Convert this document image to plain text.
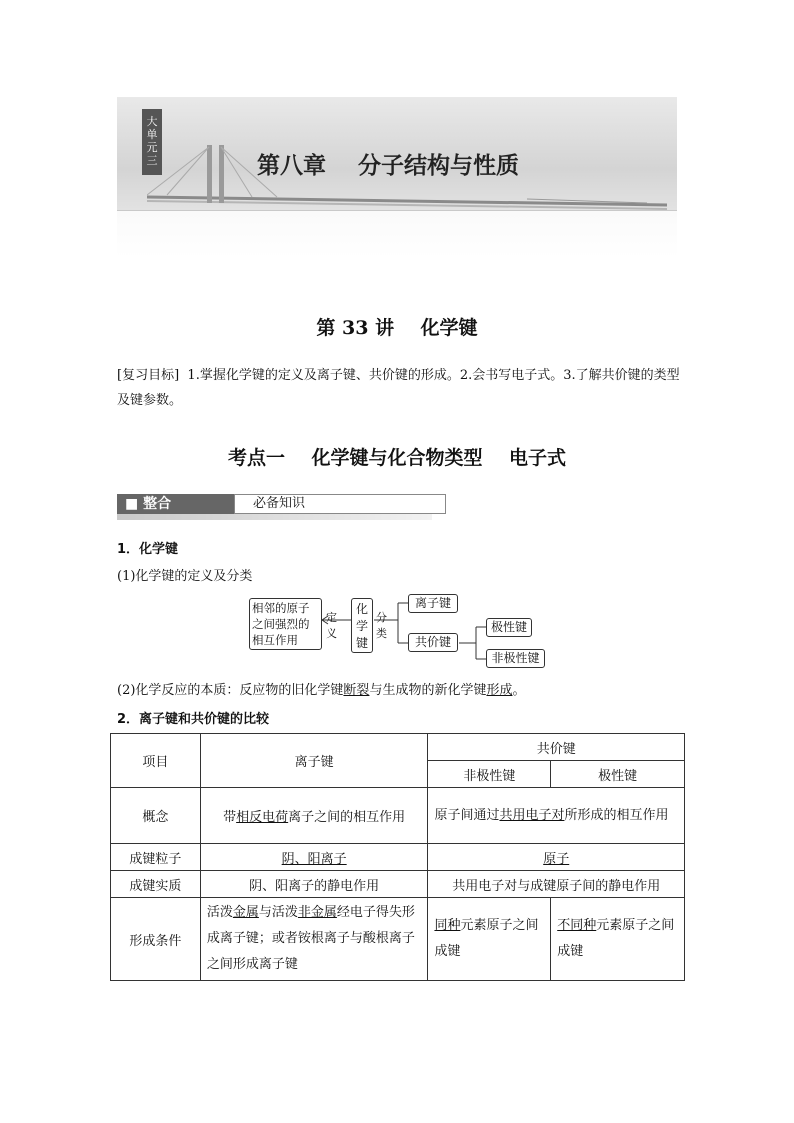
大单元三	第八章    分子结构与性质
第 33 讲    化学键
[复习目标] 1.掌握化学键的定义及离子键、共价键的形成。2.会书写电子式。3.了解共价键的类型及键参数。
考点一    化学键与化合物类型    电子式
■ 整合	必备知识
1．化学键
(1)化学键的定义及分类
相邻的原子之间强烈的相互作用
定义
化学键
分类
离子键
共价键
极性键
非极性键
(2)化学反应的本质：反应物的旧化学键断裂与生成物的新化学键形成。
2．离子键和共价键的比较
项目	离子键	共价键	
		非极性键	极性键
概念	带相反电荷离子之间的相互作用	原子间通过共用电子对所形成的相互作用	
成键粒子	阴、阳离子	原子	
成键实质	阴、阳离子的静电作用	共用电子对与成键原子间的静电作用	
形成条件	活泼金属与活泼非金属经电子得失形成离子键；或者铵根离子与酸根离子之间形成离子键	同种元素原子之间成键	不同种元素原子之间成键
